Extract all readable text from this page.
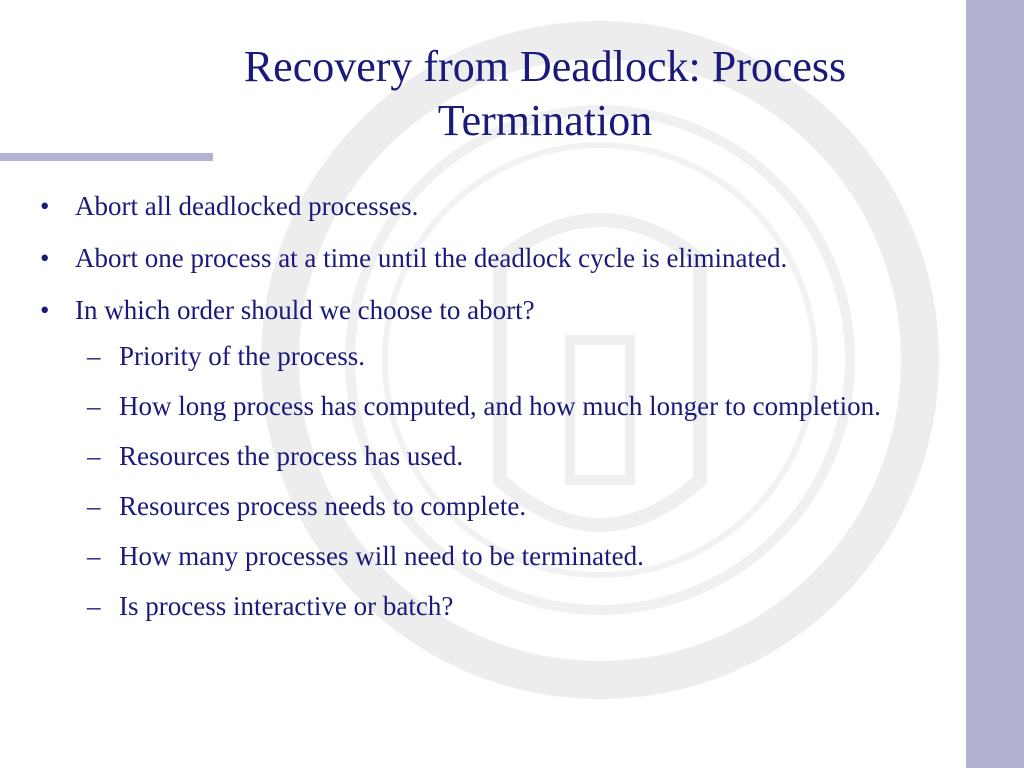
Recovery from Deadlock: Process
Termination
• Abort all deadlocked processes.
• Abort one process at a time until the deadlock cycle is eliminated.
• In which order should we choose to abort?
– Priority of the process.
– How long process has computed, and how much longer to completion.
– Resources the process has used.
– Resources process needs to complete.
– How many processes will need to be terminated.
– Is process interactive or batch?
